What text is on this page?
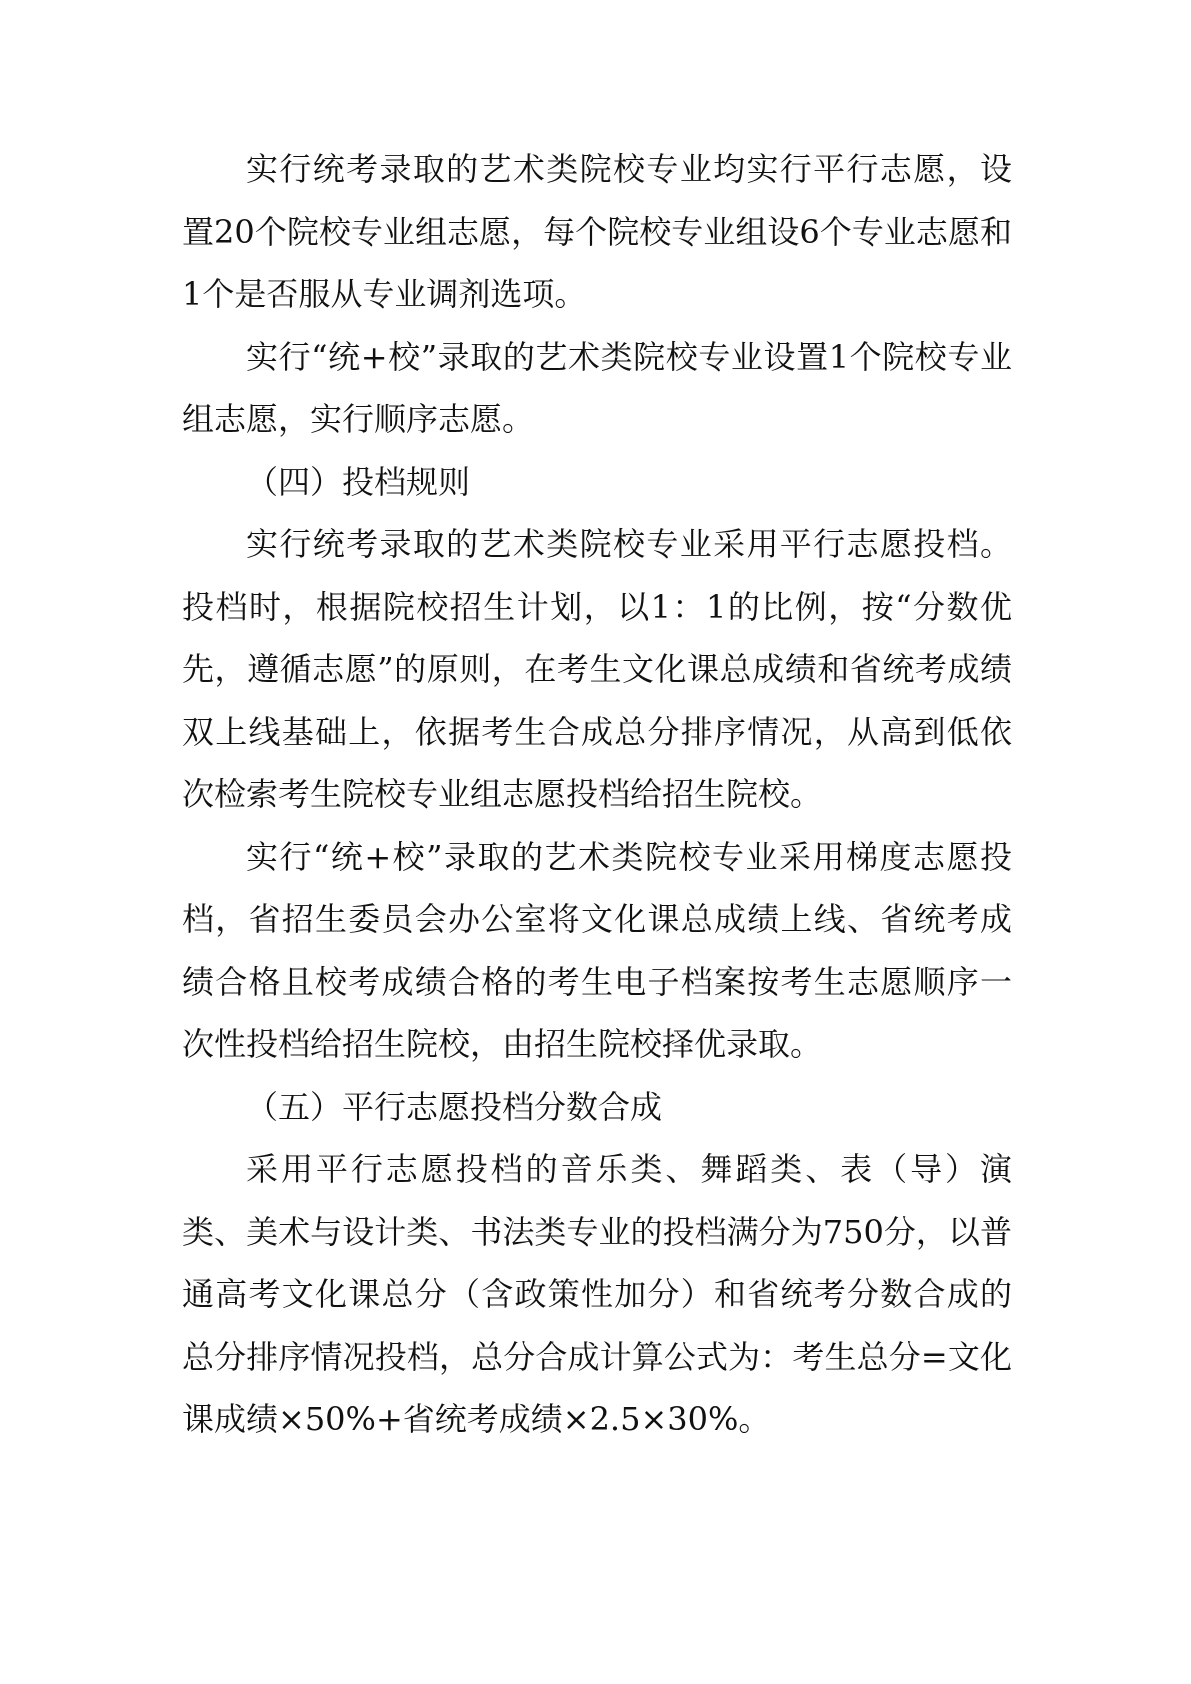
实行统考录取的艺术类院校专业均实行平行志愿，设置20个院校专业组志愿，每个院校专业组设6个专业志愿和1个是否服从专业调剂选项。

实行“统+校”录取的艺术类院校专业设置1个院校专业组志愿，实行顺序志愿。

（四）投档规则

实行统考录取的艺术类院校专业采用平行志愿投档。投档时，根据院校招生计划，以1：1的比例，按“分数优先，遵循志愿”的原则，在考生文化课总成绩和省统考成绩双上线基础上，依据考生合成总分排序情况，从高到低依次检索考生院校专业组志愿投档给招生院校。

实行“统+校”录取的艺术类院校专业采用梯度志愿投档，省招生委员会办公室将文化课总成绩上线、省统考成绩合格且校考成绩合格的考生电子档案按考生志愿顺序一次性投档给招生院校，由招生院校择优录取。

（五）平行志愿投档分数合成

采用平行志愿投档的音乐类、舞蹈类、表（导）演类、美术与设计类、书法类专业的投档满分为750分，以普通高考文化课总分（含政策性加分）和省统考分数合成的总分排序情况投档，总分合成计算公式为：考生总分=文化课成绩×50%+省统考成绩×2.5×30%。
